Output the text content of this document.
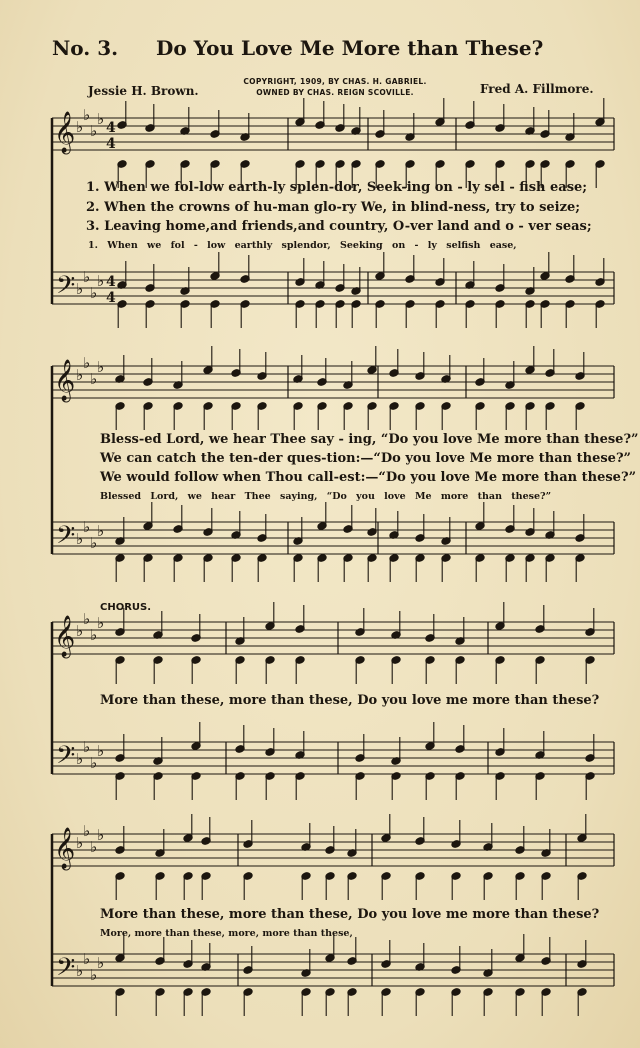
No. 3. Do You Love Me More than These?
Jessie H. Brown.
COPYRIGHT, 1909, BY CHAS. H. GABRIEL.
OWNED BY CHAS. REIGN SCOVILLE.	Fred A. Fillmore.
𝄞
𝄢
♭
♭
♭
♭
♭
♭
♭
♭
4
4
4
4
𝄞
𝄢
♭
♭
♭
♭
♭
♭
♭
♭
𝄞
𝄢
♭
♭
♭
♭
♭
♭
♭
♭
𝄞
𝄢
♭
♭
♭
♭
♭
♭
♭
♭
1. When we fol-low earth-ly splen-dor, Seek-ing on - ly sel - fish ease;
2. When the crowns of hu-man glo-ry We, in blind-ness, try to seize;
3. Leaving home,and friends,and country, O-ver land and o - ver seas;
1. When we fol - low earthly splendor, Seeking on - ly selfish ease,
Bless-ed Lord, we hear Thee say - ing, “Do you love Me more than these?”
We can catch the ten-der ques-tion:—“Do you love Me more than these?”
We would follow when Thou call-est:—“Do you love Me more than these?”
Blessed Lord, we hear Thee saying, “Do you love Me more than these?”
CHORUS.
More than these, more than these, Do you love me more than these?
More than these, more than these, Do you love me more than these?
More, more than these, more, more than these,
